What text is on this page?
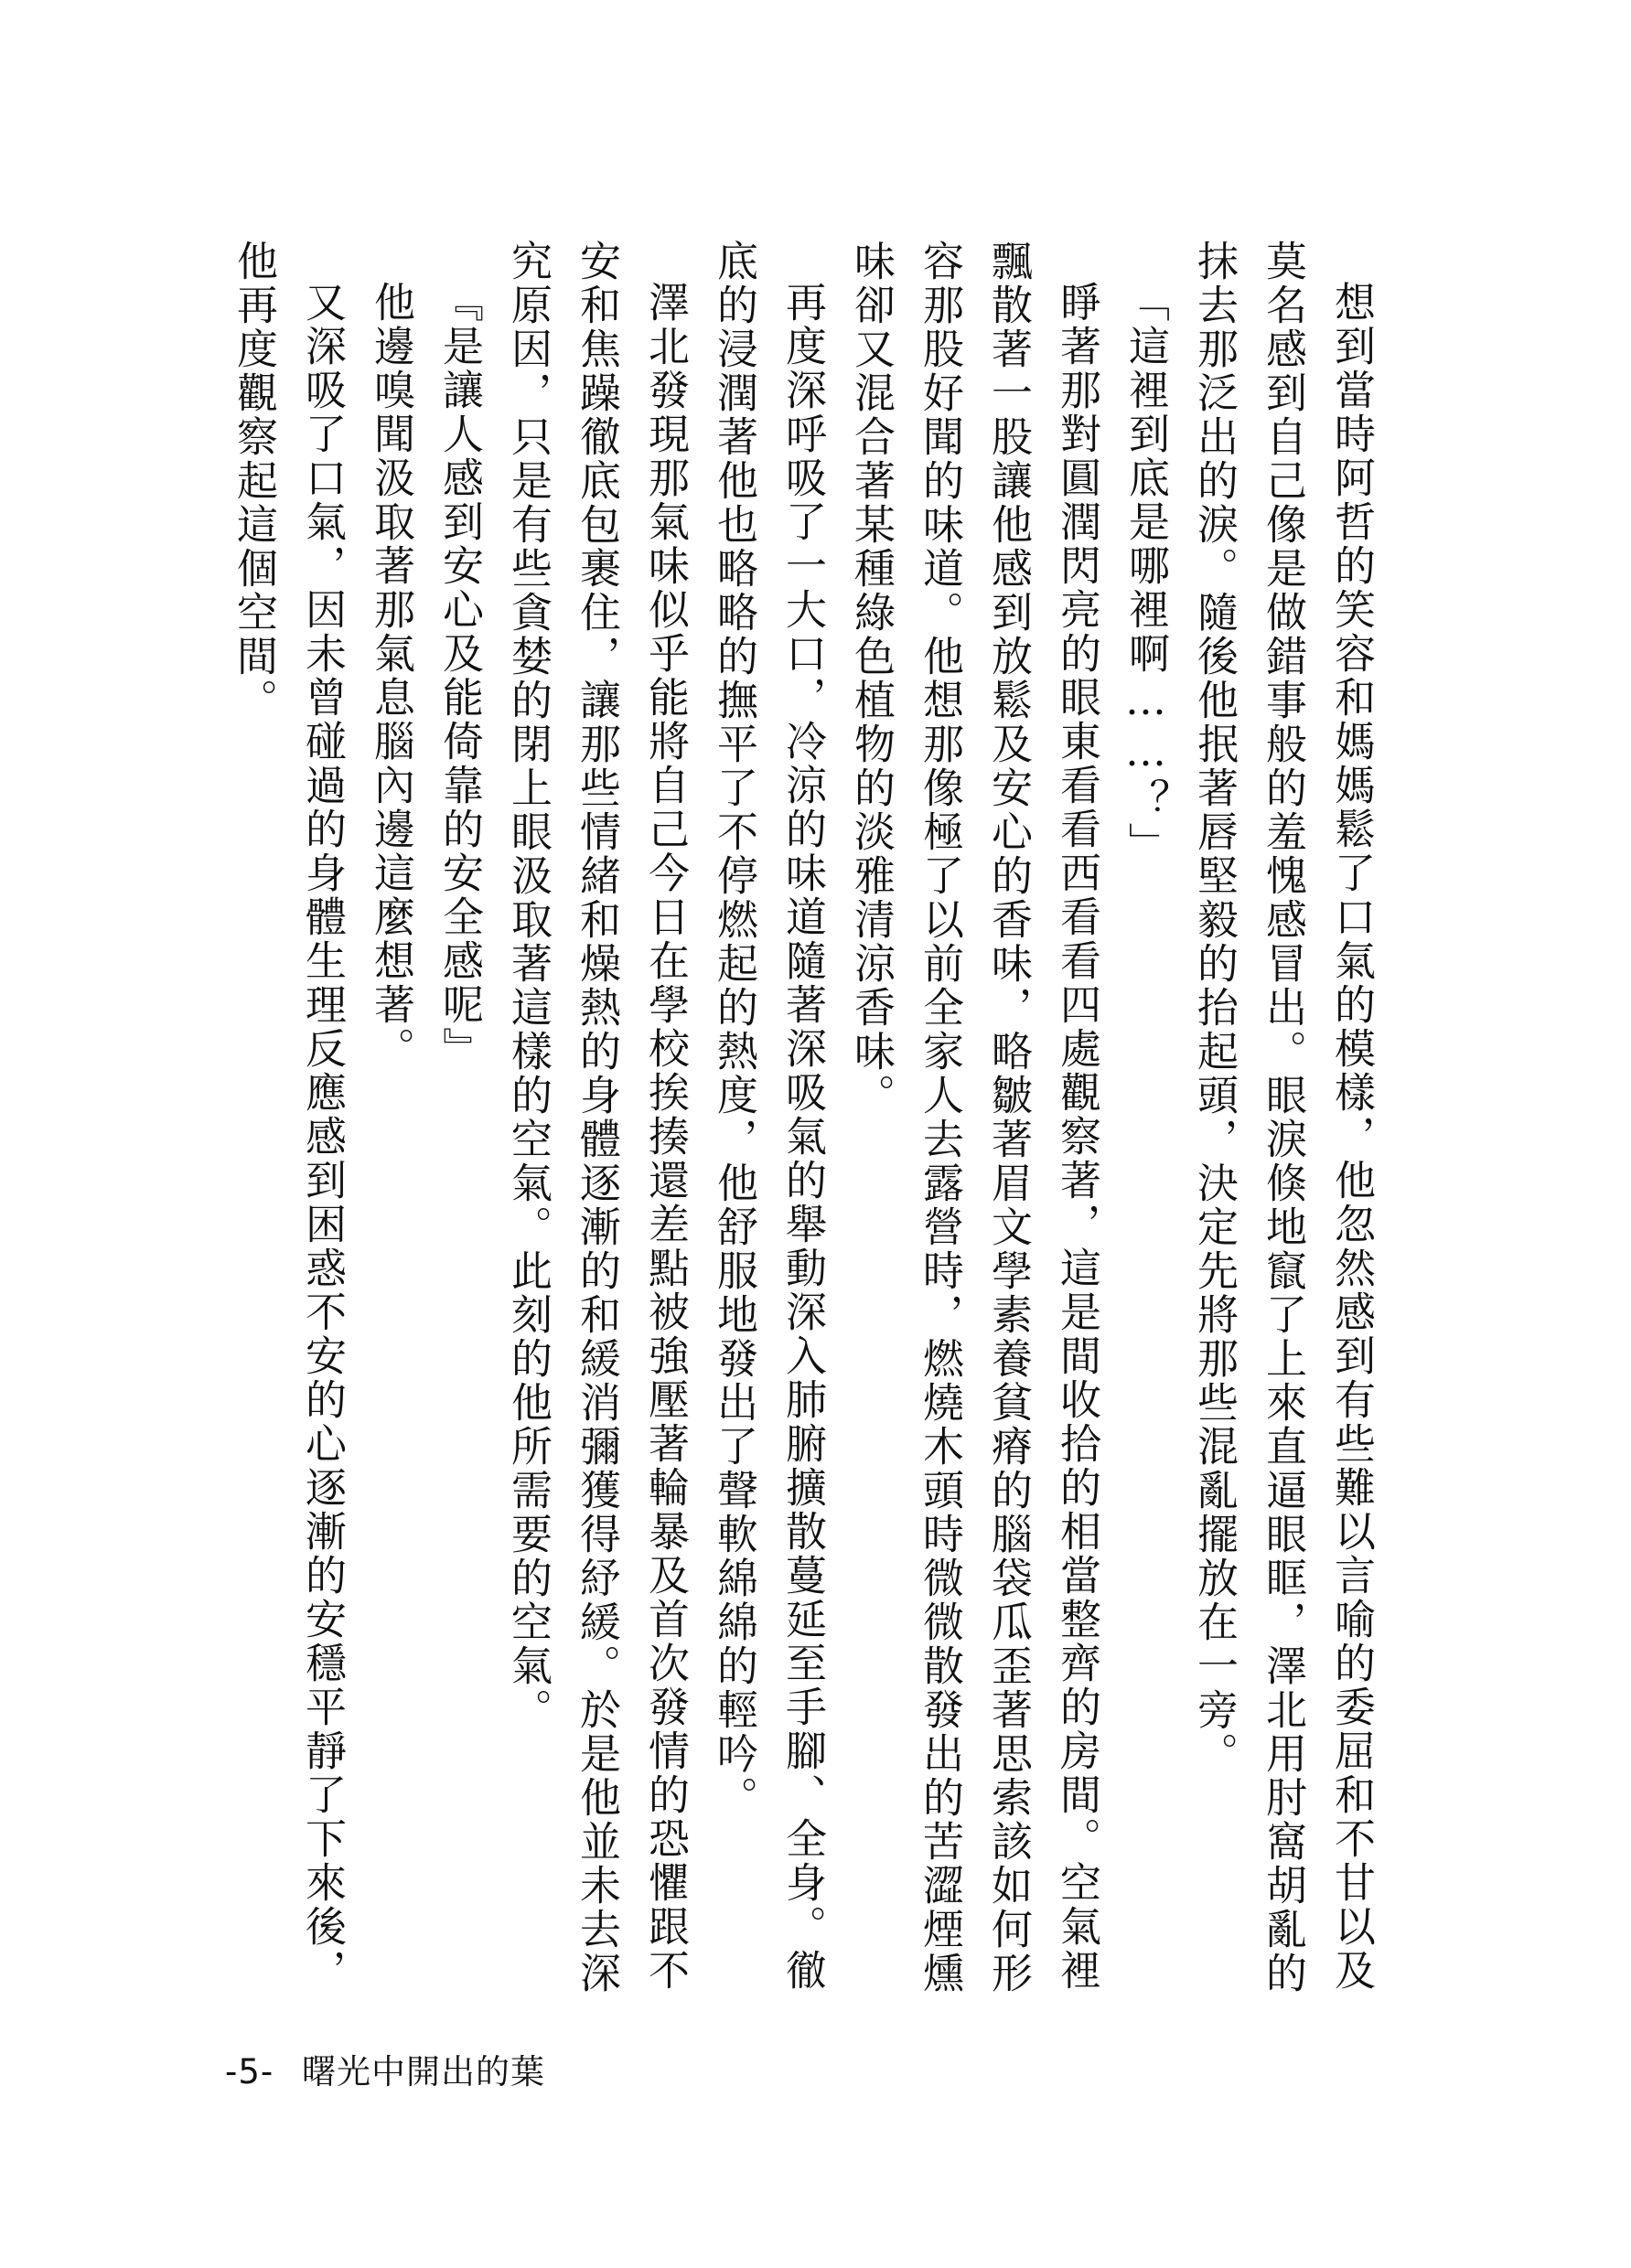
想到當時阿哲的笑容和媽媽鬆了口氣的模樣，他忽然感到有些難以言喻的委屈和不甘以及莫名感到自己像是做錯事般的羞愧感冒出。眼淚倏地竄了上來直逼眼眶，澤北用肘窩胡亂的抹去那泛出的淚。隨後他抿著唇堅毅的抬起頭，決定先將那些混亂擺放在一旁。

「這裡到底是哪裡啊……？」

睜著那對圓潤閃亮的眼東看看西看看四處觀察著，這是間收拾的相當整齊的房間。空氣裡飄散著一股讓他感到放鬆及安心的香味，略皺著眉文學素養貧瘠的腦袋瓜歪著思索該如何形容那股好聞的味道。他想那像極了以前全家人去露營時，燃燒木頭時微微散發出的苦澀煙燻味卻又混合著某種綠色植物的淡雅清涼香味。

再度深呼吸了一大口，冷涼的味道隨著深吸氣的舉動深入肺腑擴散蔓延至手腳、全身。徹底的浸潤著他也略略的撫平了不停燃起的熱度，他舒服地發出了聲軟綿綿的輕吟。

澤北發現那氣味似乎能將自己今日在學校挨揍還差點被強壓著輪暴及首次發情的恐懼跟不安和焦躁徹底包裹住，讓那些情緒和燥熱的身體逐漸的和緩消彌獲得紓緩。於是他並未去深究原因，只是有些貪婪的閉上眼汲取著這樣的空氣。此刻的他所需要的空氣。

『是讓人感到安心及能倚靠的安全感呢』

他邊嗅聞汲取著那氣息腦內邊這麼想著。

又深吸了口氣，因未曾碰過的身體生理反應感到困惑不安的心逐漸的安穩平靜了下來後，他再度觀察起這個空間。

-5- 曙光中開出的葉
